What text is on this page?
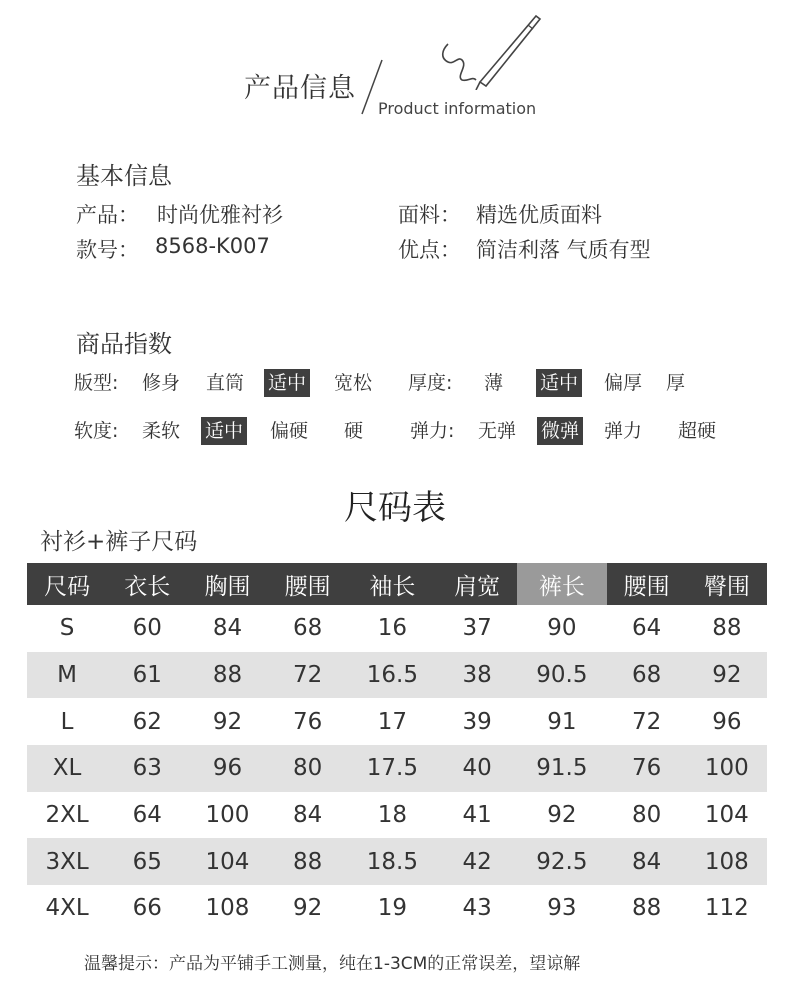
产品信息
Product information
基本信息
产品： 时尚优雅衬衫	面料： 精选优质面料
款号： 8568-K007	优点： 简洁利落 气质有型
商品指数
版型: 修身 直筒 适中 宽松 厚度: 薄 适中 偏厚 厚
软度: 柔软 适中 偏硬 硬 弹力: 无弹 微弹 弹力 超硬
尺码表
衬衫+裤子尺码
尺码	衣长	胸围	腰围	袖长	肩宽	裤长	腰围	臀围
S	60	84	68	16	37	90	64	88
M	61	88	72	16.5	38	90.5	68	92
L	62	92	76	17	39	91	72	96
XL	63	96	80	17.5	40	91.5	76	100
2XL	64	100	84	18	41	92	80	104
3XL	65	104	88	18.5	42	92.5	84	108
4XL	66	108	92	19	43	93	88	112
温馨提示：产品为平铺手工测量，纯在1-3CM的正常误差，望谅解
